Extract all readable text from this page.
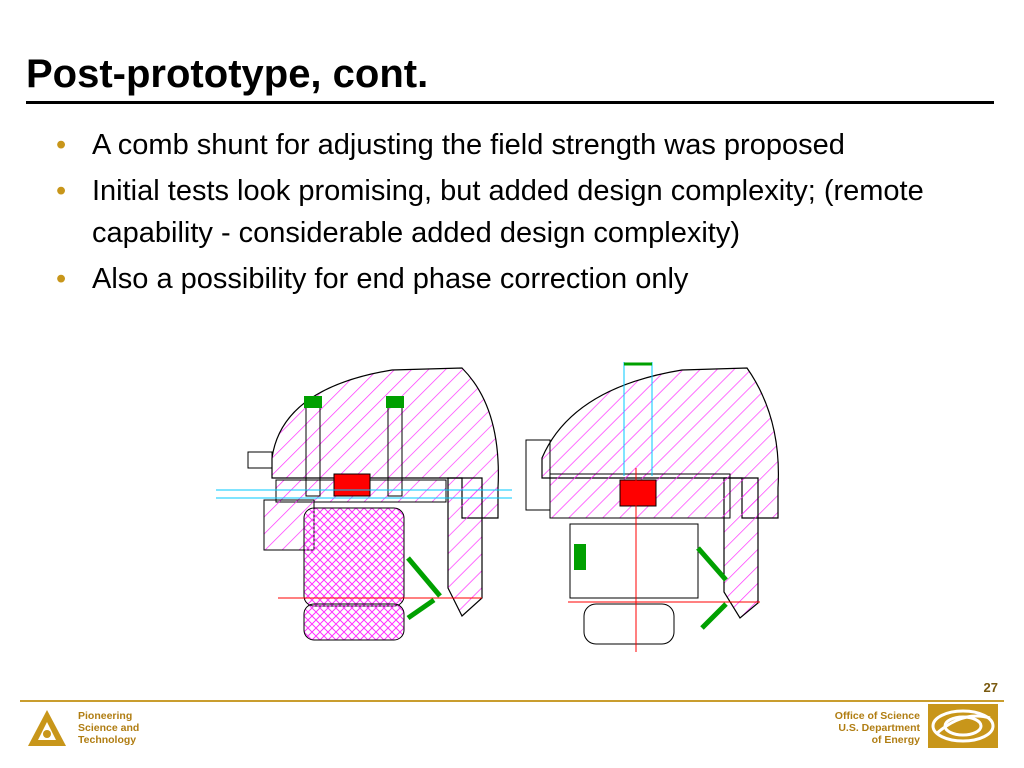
Post-prototype, cont.
• A comb shunt for adjusting the field strength was proposed
• Initial tests look promising, but added design complexity; (remote capability - considerable added design complexity)
• Also a possibility for end phase correction only
27
Pioneering
Science and
Technology
Office of Science
U.S. Department
of Energy
